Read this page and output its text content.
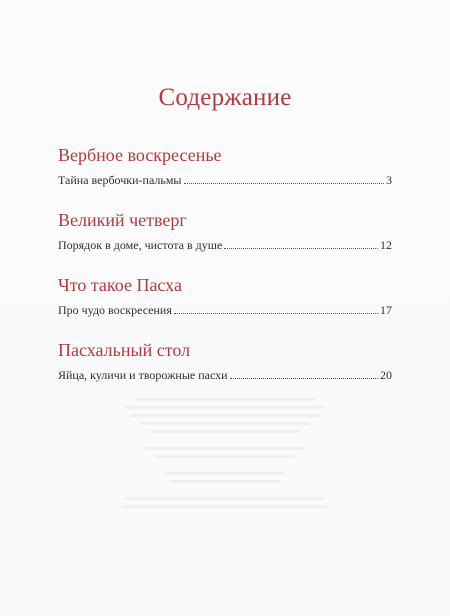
​
Содержание
Вербное воскресенье
Тайна вербочки-пальмы	3
Великий четверг
Порядок в доме, чистота в душе	12
Что такое Пасха
Про чудо воскресения	17
Пасхальный стол
Яйца, куличи и творожные пасхи	20
